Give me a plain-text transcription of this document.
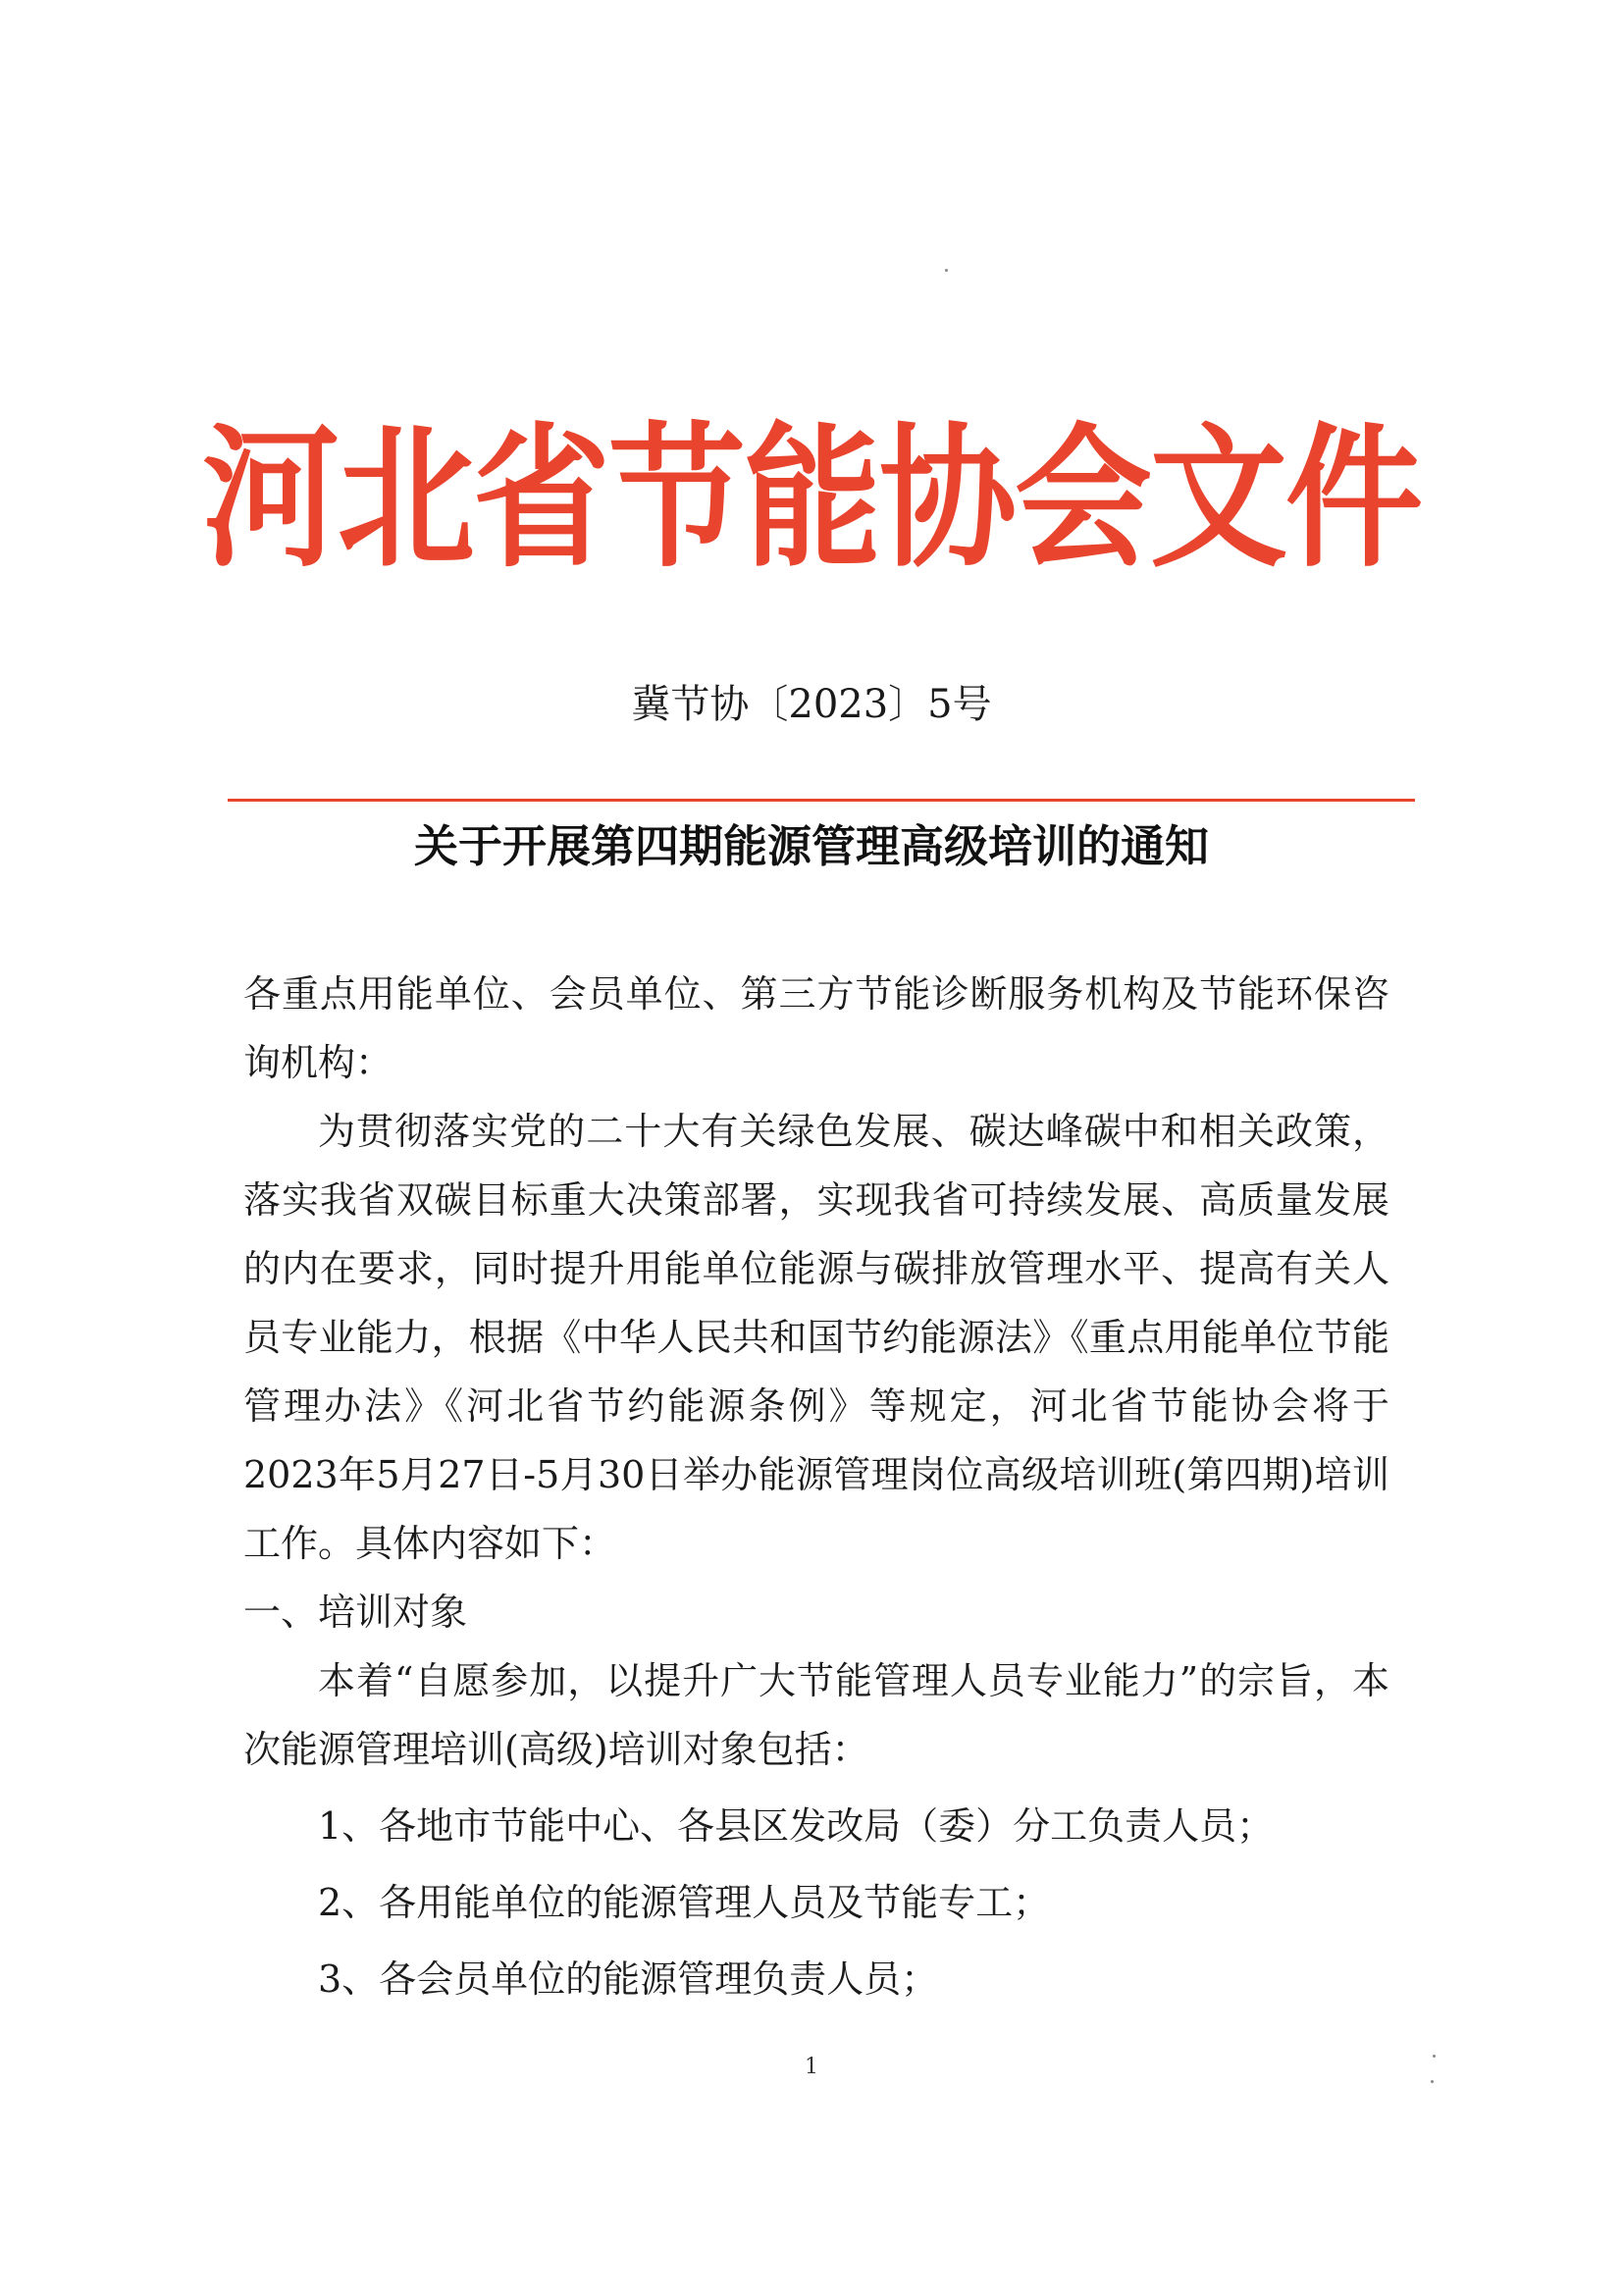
河北省节能协会文件
冀节协〔2023〕5号
关于开展第四期能源管理高级培训的通知

各重点用能单位、会员单位、第三方节能诊断服务机构及节能环保咨询机构：

为贯彻落实党的二十大有关绿色发展、碳达峰碳中和相关政策，落实我省双碳目标重大决策部署，实现我省可持续发展、高质量发展的内在要求，同时提升用能单位能源与碳排放管理水平、提高有关人员专业能力，根据《中华人民共和国节约能源法》《重点用能单位节能管理办法》《河北省节约能源条例》等规定，河北省节能协会将于2023年5月27日-5月30日举办能源管理岗位高级培训班(第四期)培训工作。具体内容如下：

一、培训对象

本着“自愿参加，以提升广大节能管理人员专业能力”的宗旨，本次能源管理培训(高级)培训对象包括：

1、各地市节能中心、各县区发改局（委）分工负责人员；

2、各用能单位的能源管理人员及节能专工；

3、各会员单位的能源管理负责人员；

1
